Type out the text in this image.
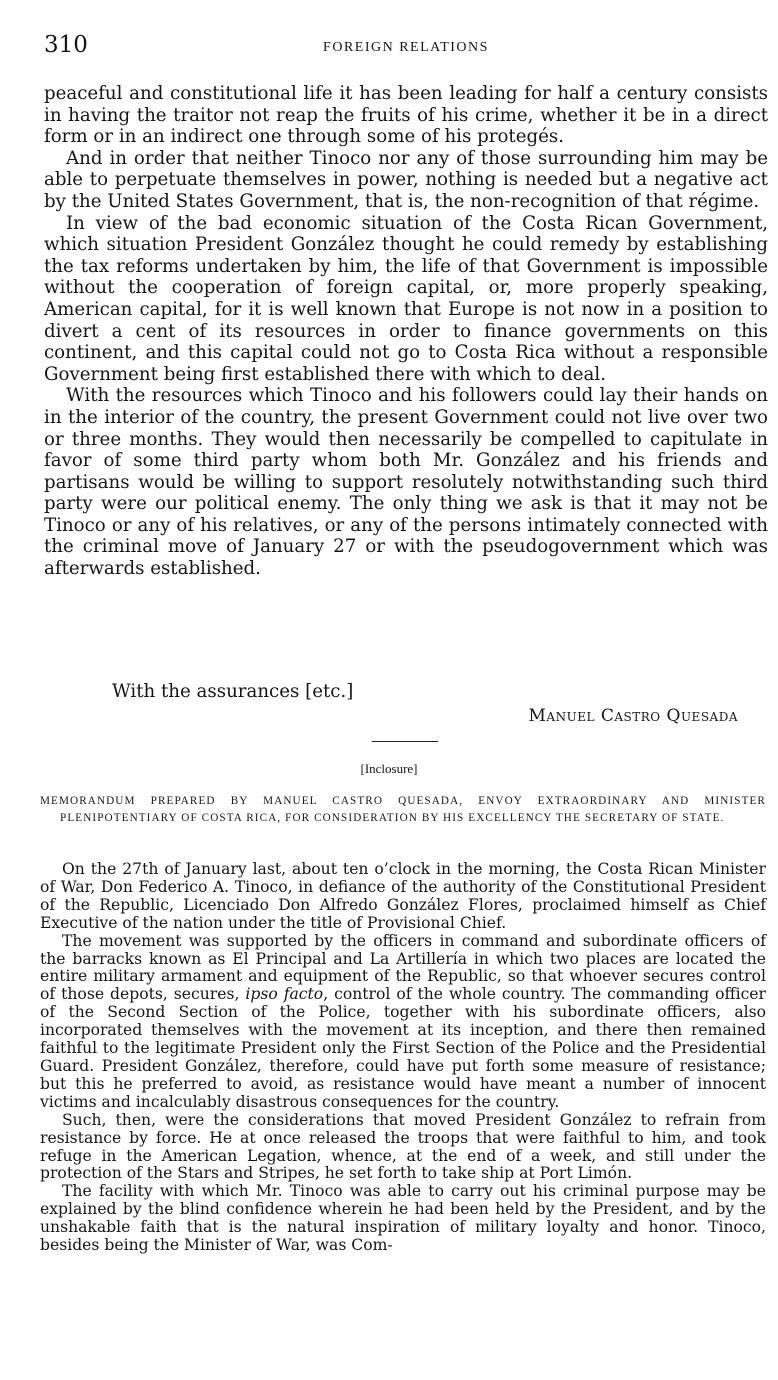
310	FOREIGN RELATIONS

peaceful and constitutional life it has been leading for half a century consists in having the traitor not reap the fruits of his crime, whether it be in a direct form or in an indirect one through some of his protegés.

And in order that neither Tinoco nor any of those surrounding him may be able to perpetuate themselves in power, nothing is needed but a negative act by the United States Government, that is, the non-recognition of that régime.

In view of the bad economic situation of the Costa Rican Government, which situation President González thought he could remedy by establishing the tax reforms undertaken by him, the life of that Government is impossible without the cooperation of foreign capital, or, more properly speaking, American capital, for it is well known that Europe is not now in a position to divert a cent of its resources in order to finance governments on this continent, and this capital could not go to Costa Rica without a responsible Government being first established there with which to deal.

With the resources which Tinoco and his followers could lay their hands on in the interior of the country, the present Government could not live over two or three months. They would then necessarily be compelled to capitulate in favor of some third party whom both Mr. González and his friends and partisans would be willing to support resolutely notwithstanding such third party were our political enemy. The only thing we ask is that it may not be Tinoco or any of his relatives, or any of the persons intimately connected with the criminal move of January 27 or with the pseudogovernment which was afterwards established.

With the assurances [etc.]
Manuel Castro Quesada
[Inclosure]
MEMORANDUM PREPARED BY MANUEL CASTRO QUESADA, ENVOY EXTRAORDINARY AND MINISTER PLENIPOTENTIARY OF COSTA RICA, FOR CONSIDERATION BY HIS EXCELLENCY THE SECRETARY OF STATE.

On the 27th of January last, about ten o’clock in the morning, the Costa Rican Minister of War, Don Federico A. Tinoco, in defiance of the authority of the Constitutional President of the Republic, Licenciado Don Alfredo González Flores, proclaimed himself as Chief Executive of the nation under the title of Provisional Chief.

The movement was supported by the officers in command and subordinate officers of the barracks known as El Principal and La Artillería in which two places are located the entire military armament and equipment of the Republic, so that whoever secures control of those depots, secures, ipso facto, control of the whole country. The commanding officer of the Second Section of the Police, together with his subordinate officers, also incorporated themselves with the movement at its inception, and there then remained faithful to the legitimate President only the First Section of the Police and the Presidential Guard. President González, therefore, could have put forth some measure of resistance; but this he preferred to avoid, as resistance would have meant a number of innocent victims and incalculably disastrous consequences for the country.

Such, then, were the considerations that moved President González to refrain from resistance by force. He at once released the troops that were faithful to him, and took refuge in the American Legation, whence, at the end of a week, and still under the protection of the Stars and Stripes, he set forth to take ship at Port Limón.

The facility with which Mr. Tinoco was able to carry out his criminal purpose may be explained by the blind confidence wherein he had been held by the President, and by the unshakable faith that is the natural inspiration of military loyalty and honor. Tinoco, besides being the Minister of War, was Com-
